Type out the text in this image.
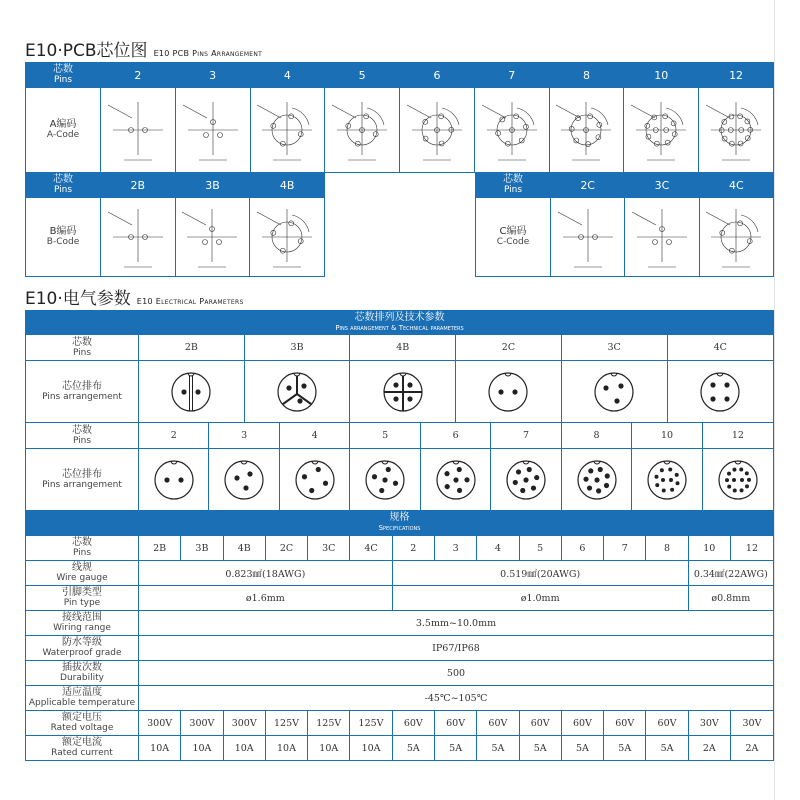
E10·PCB芯位图 E10 PCB Pins Arrangement
芯数
Pins	2	3	4	5	6	7	8	10	12

A编码
A-Code

芯数
Pins	2B	3B	4B

B编码
B-Code

芯数
Pins	2C	3C	4C

C编码
C-Code

E10·电气参数 E10 Electrical Parameters
芯数排列及技术参数
Pins arrangement & Technical parameters																								

芯数
Pins	2B				3B				4B				2C				3C				4C			

芯位排布
Pins arrangement

芯数
Pins	2		3				4		5		6				7		8		10				12	

芯位排布
Pins arrangement

规格
Specifications																								

芯数
Pins	2B	3B		4B		2C		3C	4C	2		3		4		5	6	7		8		10		12

线规
Wire gauge	0.823㎟(18AWG)									0.519㎟(20AWG)												0.34㎟(22AWG)		

引脚类型
Pin type	ø1.6mm									ø1.0mm												ø0.8mm		

接线范围
Wiring range	3.5mm~10.0mm																							

防水等级
Waterproof grade	IP67/IP68																							

插拔次数
Durability	500																							

适应温度
Applicable temperature	-45℃~105℃																							

额定电压
Rated voltage	300V	300V		300V		125V		125V	125V	60V		60V		60V		60V	60V	60V		60V		30V		30V

额定电流
Rated current	10A	10A		10A		10A		10A	10A	5A		5A		5A		5A	5A	5A		5A		2A		2A
